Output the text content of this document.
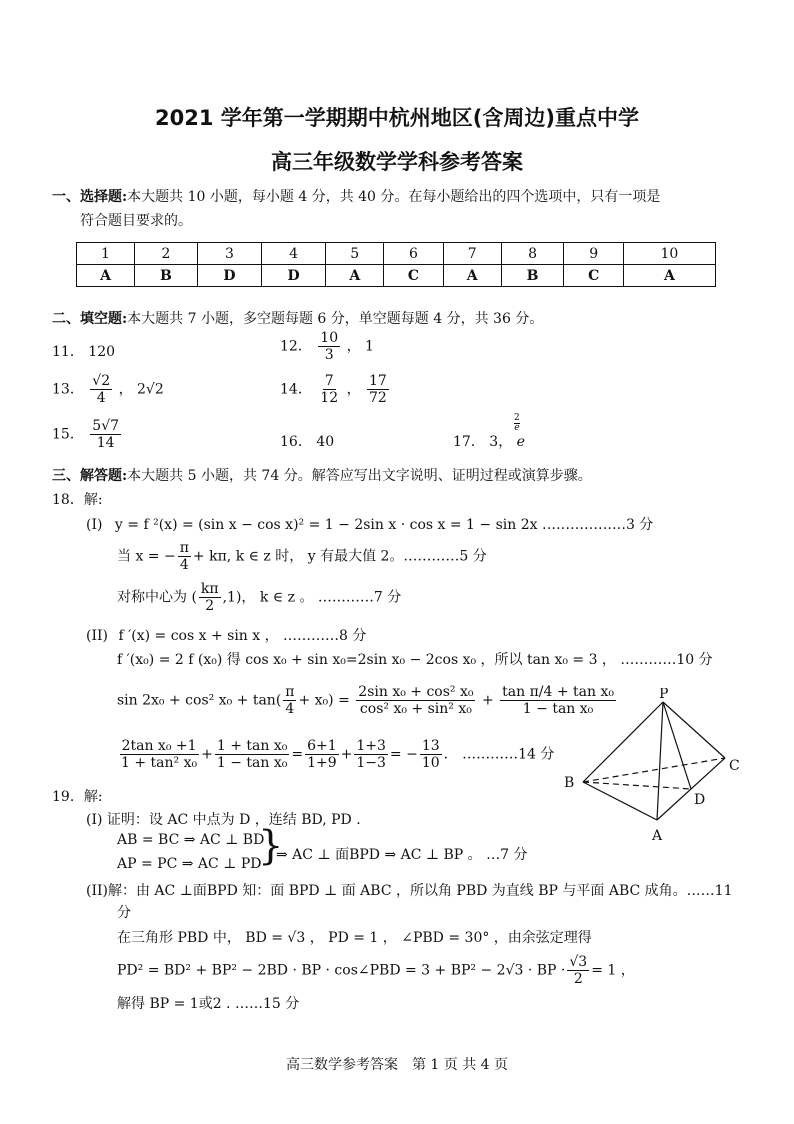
2021 学年第一学期期中杭州地区(含周边)重点中学
高三年级数学学科参考答案
一、选择题:本大题共 10 小题，每小题 4 分，共 40 分。在每小题给出的四个选项中，只有一项是
符合题目要求的。
1	2	3	4	5	6	7	8	9	10
A	B	D	D	A	C	A	B	C	A
二、填空题:本大题共 7 小题，多空题每题 6 分，单空题每题 4 分，共 36 分。
11． 120	12． $\frac{10}{3}$ ， 1
13． $\frac{√2}{4}$ ， 2√2	14． $\frac{7}{12}$ ， $\frac{17}{72}$
15． $\frac{5√7}{14}$	16． 40	17． 3， e
$\frac{2}{e}$
三、解答题:本大题共 5 小题，共 74 分。解答应写出文字说明、证明过程或演算步骤。
18．解:
(I) y = f ²(x) = (sin x − cos x)² = 1 − 2sin x · cos x = 1 − sin 2x ………………3 分
当 x = − $\frac{\pi}{4} + k\pi$, k ∈ z 时， y 有最大值 2。…………5 分
对称中心为 ( $\frac{k\pi}{2} ,1$)， k ∈ z 。 …………7 分
(II) f ′(x) = cos x + sin x ， …………8 分
f ′(x₀) = 2 f (x₀) 得 cos x₀ + sin x₀=2sin x₀ − 2cos x₀ ，所以 tan x₀ = 3 ， …………10 分
sin 2x₀ + cos² $x_0 + \tan( \frac{\pi}{4} + x_0) = \frac{\text{2sin x₀ + cos² x₀}}{\text{cos² x₀ + sin² x₀}} + \frac{\text{tan π/4 + tan x₀}}{\text{1 − tan x₀}}$
$\frac{\text{2tan x₀ +1}}{\text{1 + tan² x₀}} + \frac{\text{1 + tan x₀}}{\text{1 − tan x₀}} = \frac{6+1}{1+9} + \frac{1+3}{1-3}$ = − $\frac{13}{10}$ ． …………14 分
P
C
B
D
A
19．解:
(I) 证明：设 AC 中点为 D ，连结 BD, PD .
AB = BC ⇒ AC ⊥ BD
AP = PC ⇒ AC ⊥ PD
}
⇒ AC ⊥ 面BPD ⇒ AC ⊥ BP 。 …7 分
(II)解：由 AC ⊥面BPD 知：面 BPD ⊥ 面 ABC ，所以角 PBD 为直线 BP 与平面 ABC 成角。……11
分
在三角形 PBD 中， BD = √3 ， PD = 1 ， ∠PBD = 30° ，由余弦定理得
PD² = BD² + BP² − 2BD · BP · cos∠PBD = 3 + BP² − 2√3 · BP · $\frac{√3}{2} = 1$ ，
解得 BP = 1或2 . ……15 分
高三数学参考答案　第 1 页 共 4 页
